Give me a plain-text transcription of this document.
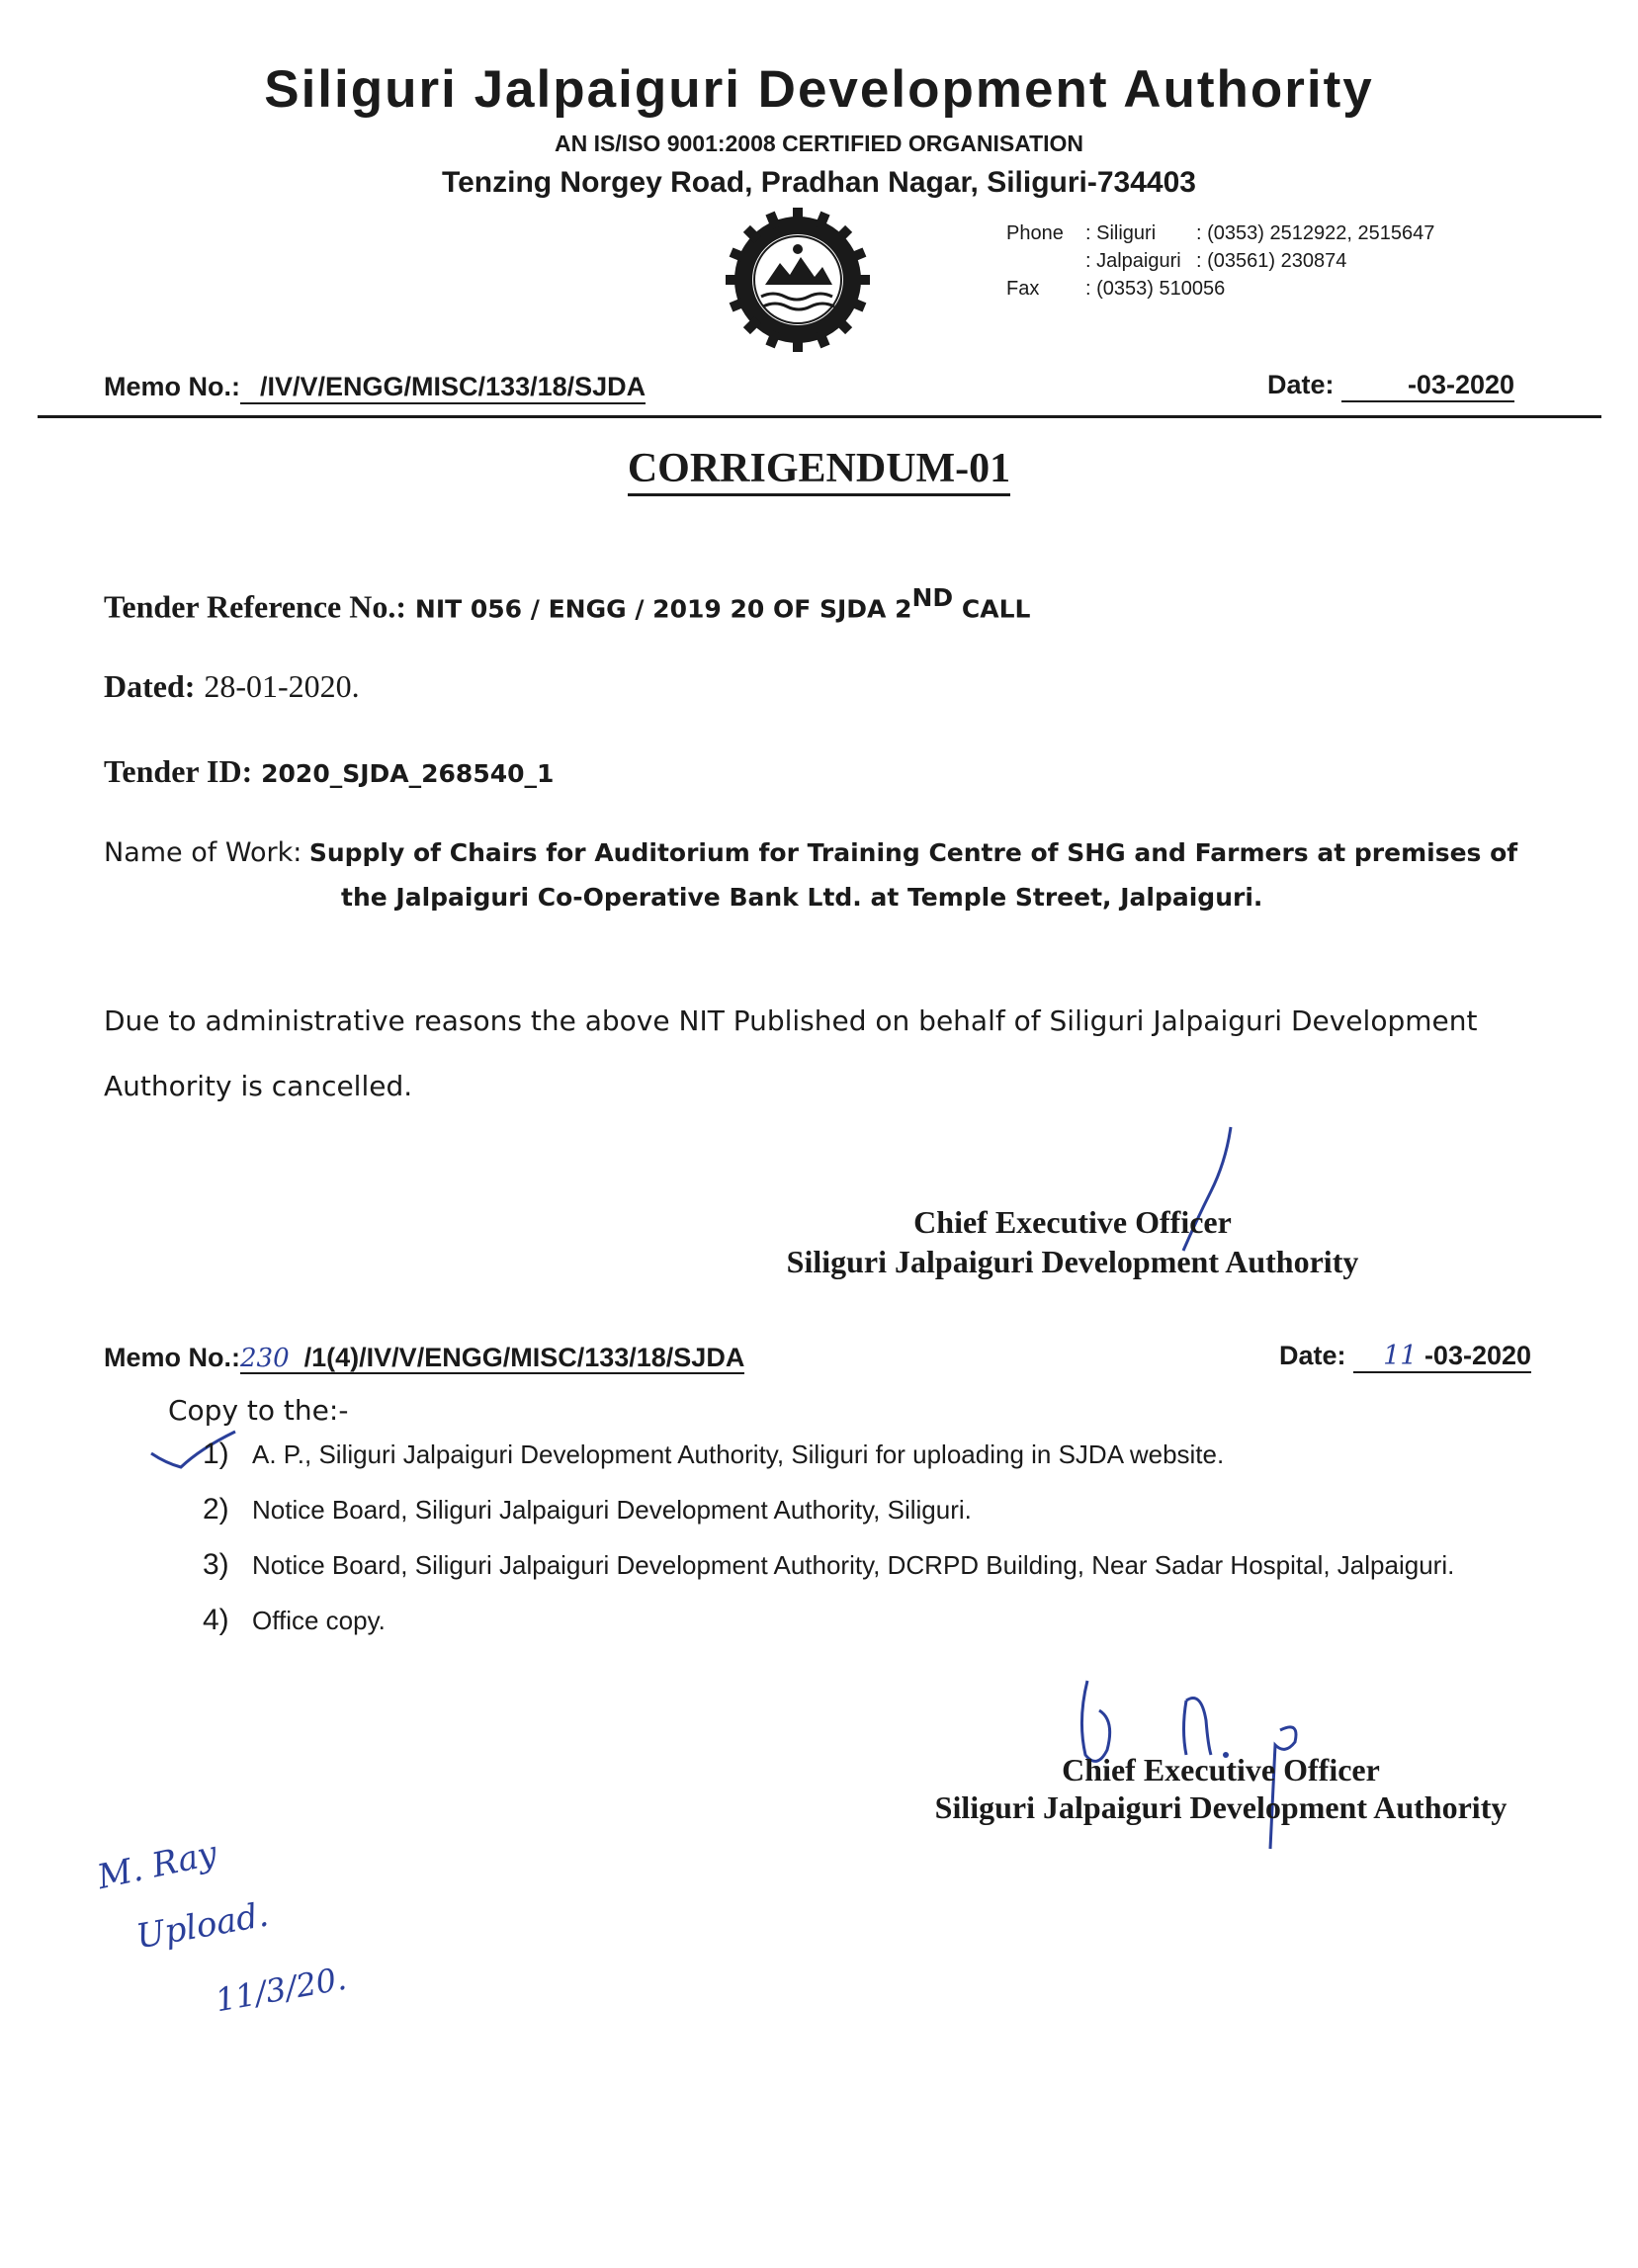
Siliguri Jalpaiguri Development Authority
AN IS/ISO 9001:2008 CERTIFIED ORGANISATION
Tenzing Norgey Road, Pradhan Nagar, Siliguri-734403
Phone	: Siliguri	: (0353) 2512922, 2515647
: Jalpaiguri : (03561) 230874
Fax	: (0353) 510056
Memo No.: /IV/V/ENGG/MISC/133/18/SJDA	Date:	-03-2020
CORRIGENDUM-01
Tender Reference No.: NIT 056 / ENGG / 2019 20 OF SJDA 2ND CALL
Dated: 28-01-2020.
Tender ID: 2020_SJDA_268540_1
Name of Work: Supply of Chairs for Auditorium for Training Centre of SHG and Farmers at premises of
the Jalpaiguri Co-Operative Bank Ltd. at Temple Street, Jalpaiguri.
Due to administrative reasons the above NIT Published on behalf of Siliguri Jalpaiguri Development
Authority is cancelled.
Chief Executive Officer
Siliguri Jalpaiguri Development Authority
Memo No.:230 /1(4)/IV/V/ENGG/MISC/133/18/SJDA	Date: 11 -03-2020
Copy to the:-
1) A. P., Siliguri Jalpaiguri Development Authority, Siliguri for uploading in SJDA website.
2) Notice Board, Siliguri Jalpaiguri Development Authority, Siliguri.
3) Notice Board, Siliguri Jalpaiguri Development Authority, DCRPD Building, Near Sadar Hospital, Jalpaiguri.
4) Office copy.
Chief Executive Officer
Siliguri Jalpaiguri Development Authority
M. Ray
Upload.
11/3/20.
